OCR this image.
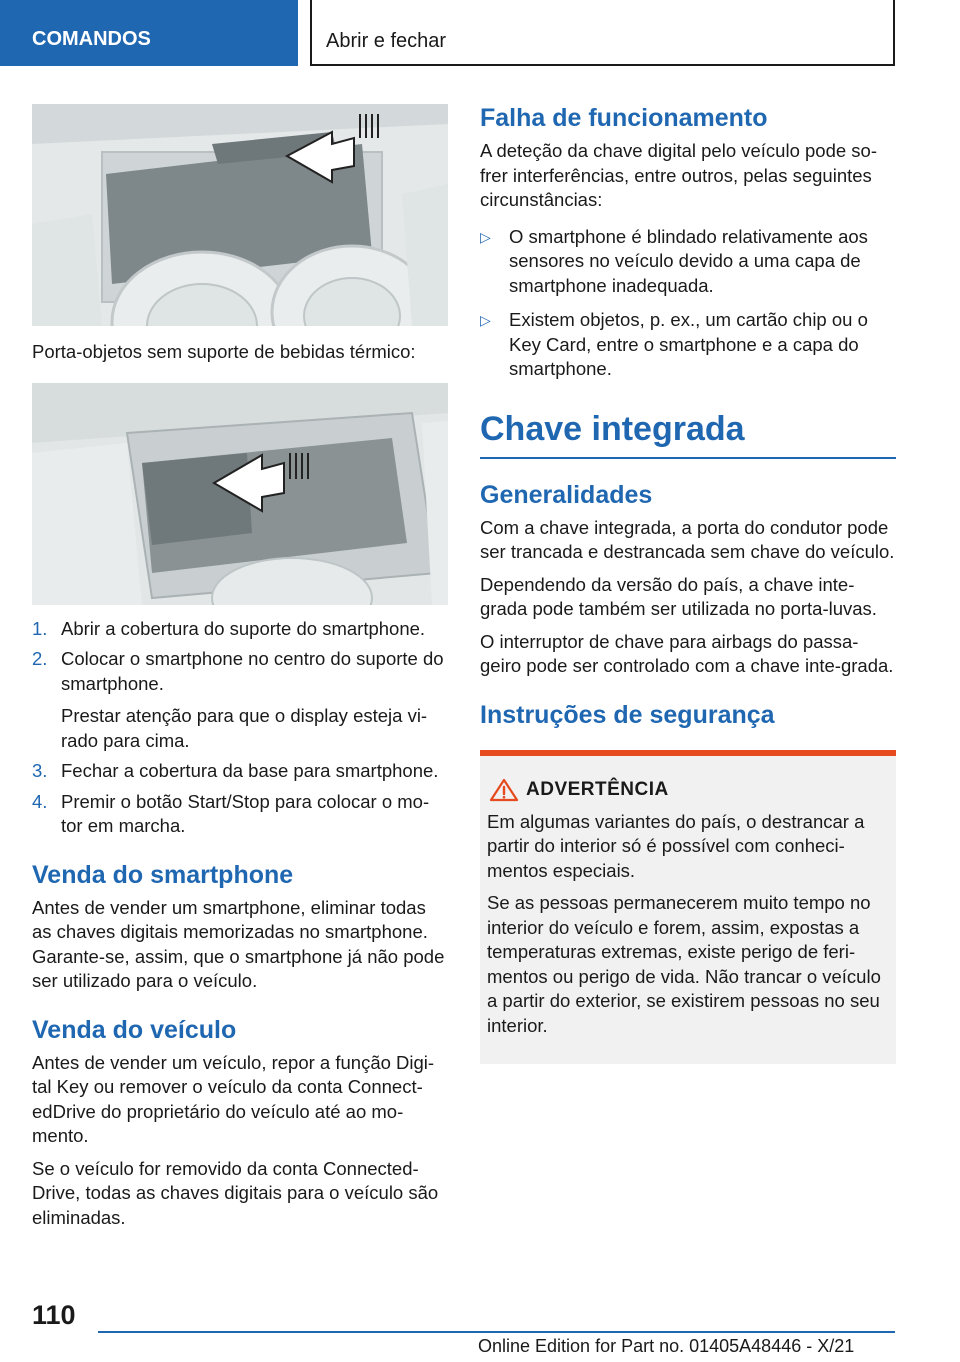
COMANDOS	Abrir e fechar

Porta-objetos sem suporte de bebidas térmico:

1. Abrir a cobertura do suporte do smartphone.
2. Colocar o smartphone no centro do suporte do smartphone.
Prestar atenção para que o display esteja vi‐rado para cima.
3. Fechar a cobertura da base para smartphone.
4. Premir o botão Start/Stop para colocar o mo‐tor em marcha.
Venda do smartphone

Antes de vender um smartphone, eliminar todas as chaves digitais memorizadas no smartphone. Garante-se, assim, que o smartphone já não pode ser utilizado para o veículo.

Venda do veículo

Antes de vender um veículo, repor a função Digi‐tal Key ou remover o veículo da conta Connect‐edDrive do proprietário do veículo até ao mo‐mento.

Se o veículo for removido da conta Connected‐Drive, todas as chaves digitais para o veículo são eliminadas.

Falha de funcionamento

A deteção da chave digital pelo veículo pode so‐frer interferências, entre outros, pelas seguintes circunstâncias:

▷ O smartphone é blindado relativamente aos sensores no veículo devido a uma capa de smartphone inadequada.
▷ Existem objetos, p. ex., um cartão chip ou o Key Card, entre o smartphone e a capa do smartphone.
Chave integrada
Generalidades

Com a chave integrada, a porta do condutor pode ser trancada e destrancada sem chave do veículo.

Dependendo da versão do país, a chave inte‐grada pode também ser utilizada no porta-luvas.

O interruptor de chave para airbags do passa‐geiro pode ser controlado com a chave inte‐grada.

Instruções de segurança
ADVERTÊNCIA

Em algumas variantes do país, o destrancar a partir do interior só é possível com conheci‐mentos especiais.

Se as pessoas permanecerem muito tempo no interior do veículo e forem, assim, expostas a temperaturas extremas, existe perigo de feri‐mentos ou perigo de vida. Não trancar o veículo a partir do exterior, se existirem pessoas no seu interior.

110
Online Edition for Part no. 01405A48446 - X/21
